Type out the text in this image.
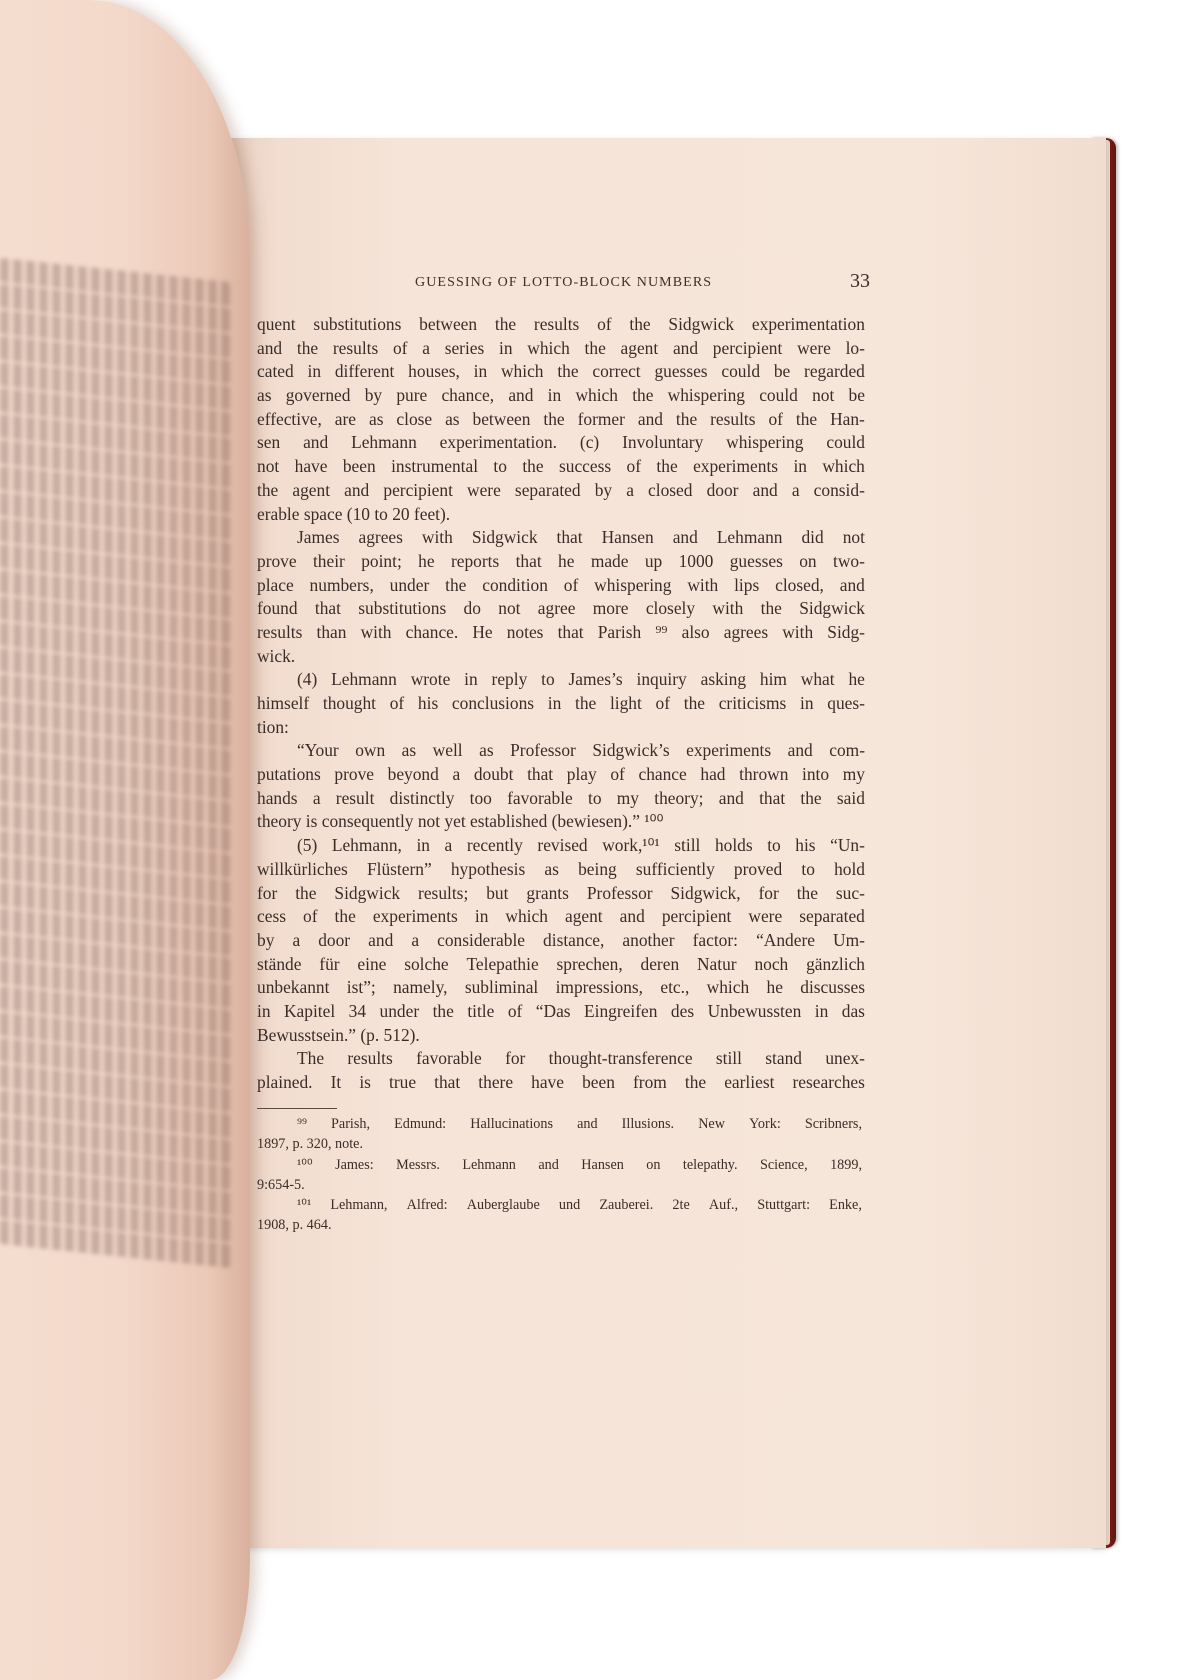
GUESSING OF LOTTO-BLOCK NUMBERS	33
quent substitutions between the results of the Sidgwick experimentation
and the results of a series in which the agent and percipient were lo-
cated in different houses, in which the correct guesses could be regarded
as governed by pure chance, and in which the whispering could not be
effective, are as close as between the former and the results of the Han-
sen and Lehmann experimentation. (c) Involuntary whispering could
not have been instrumental to the success of the experiments in which
the agent and percipient were separated by a closed door and a consid-
erable space (10 to 20 feet).
James agrees with Sidgwick that Hansen and Lehmann did not
prove their point; he reports that he made up 1000 guesses on two-
place numbers, under the condition of whispering with lips closed, and
found that substitutions do not agree more closely with the Sidgwick
results than with chance. He notes that Parish ⁹⁹ also agrees with Sidg-
wick.
(4) Lehmann wrote in reply to James’s inquiry asking him what he
himself thought of his conclusions in the light of the criticisms in ques-
tion:
“Your own as well as Professor Sidgwick’s experiments and com-
putations prove beyond a doubt that play of chance had thrown into my
hands a result distinctly too favorable to my theory; and that the said
theory is consequently not yet established (bewiesen).” ¹⁰⁰
(5) Lehmann, in a recently revised work,¹⁰¹ still holds to his “Un-
willkürliches Flüstern” hypothesis as being sufficiently proved to hold
for the Sidgwick results; but grants Professor Sidgwick, for the suc-
cess of the experiments in which agent and percipient were separated
by a door and a considerable distance, another factor: “Andere Um-
stände für eine solche Telepathie sprechen, deren Natur noch gänzlich
unbekannt ist”; namely, subliminal impressions, etc., which he discusses
in Kapitel 34 under the title of “Das Eingreifen des Unbewussten in das
Bewusstsein.” (p. 512).
The results favorable for thought-transference still stand unex-
plained. It is true that there have been from the earliest researches
⁹⁹ Parish, Edmund: Hallucinations and Illusions. New York: Scribners,
1897, p. 320, note.
¹⁰⁰ James: Messrs. Lehmann and Hansen on telepathy. Science, 1899,
9:654-5.
¹⁰¹ Lehmann, Alfred: Auberglaube und Zauberei. 2te Auf., Stuttgart: Enke,
1908, p. 464.
